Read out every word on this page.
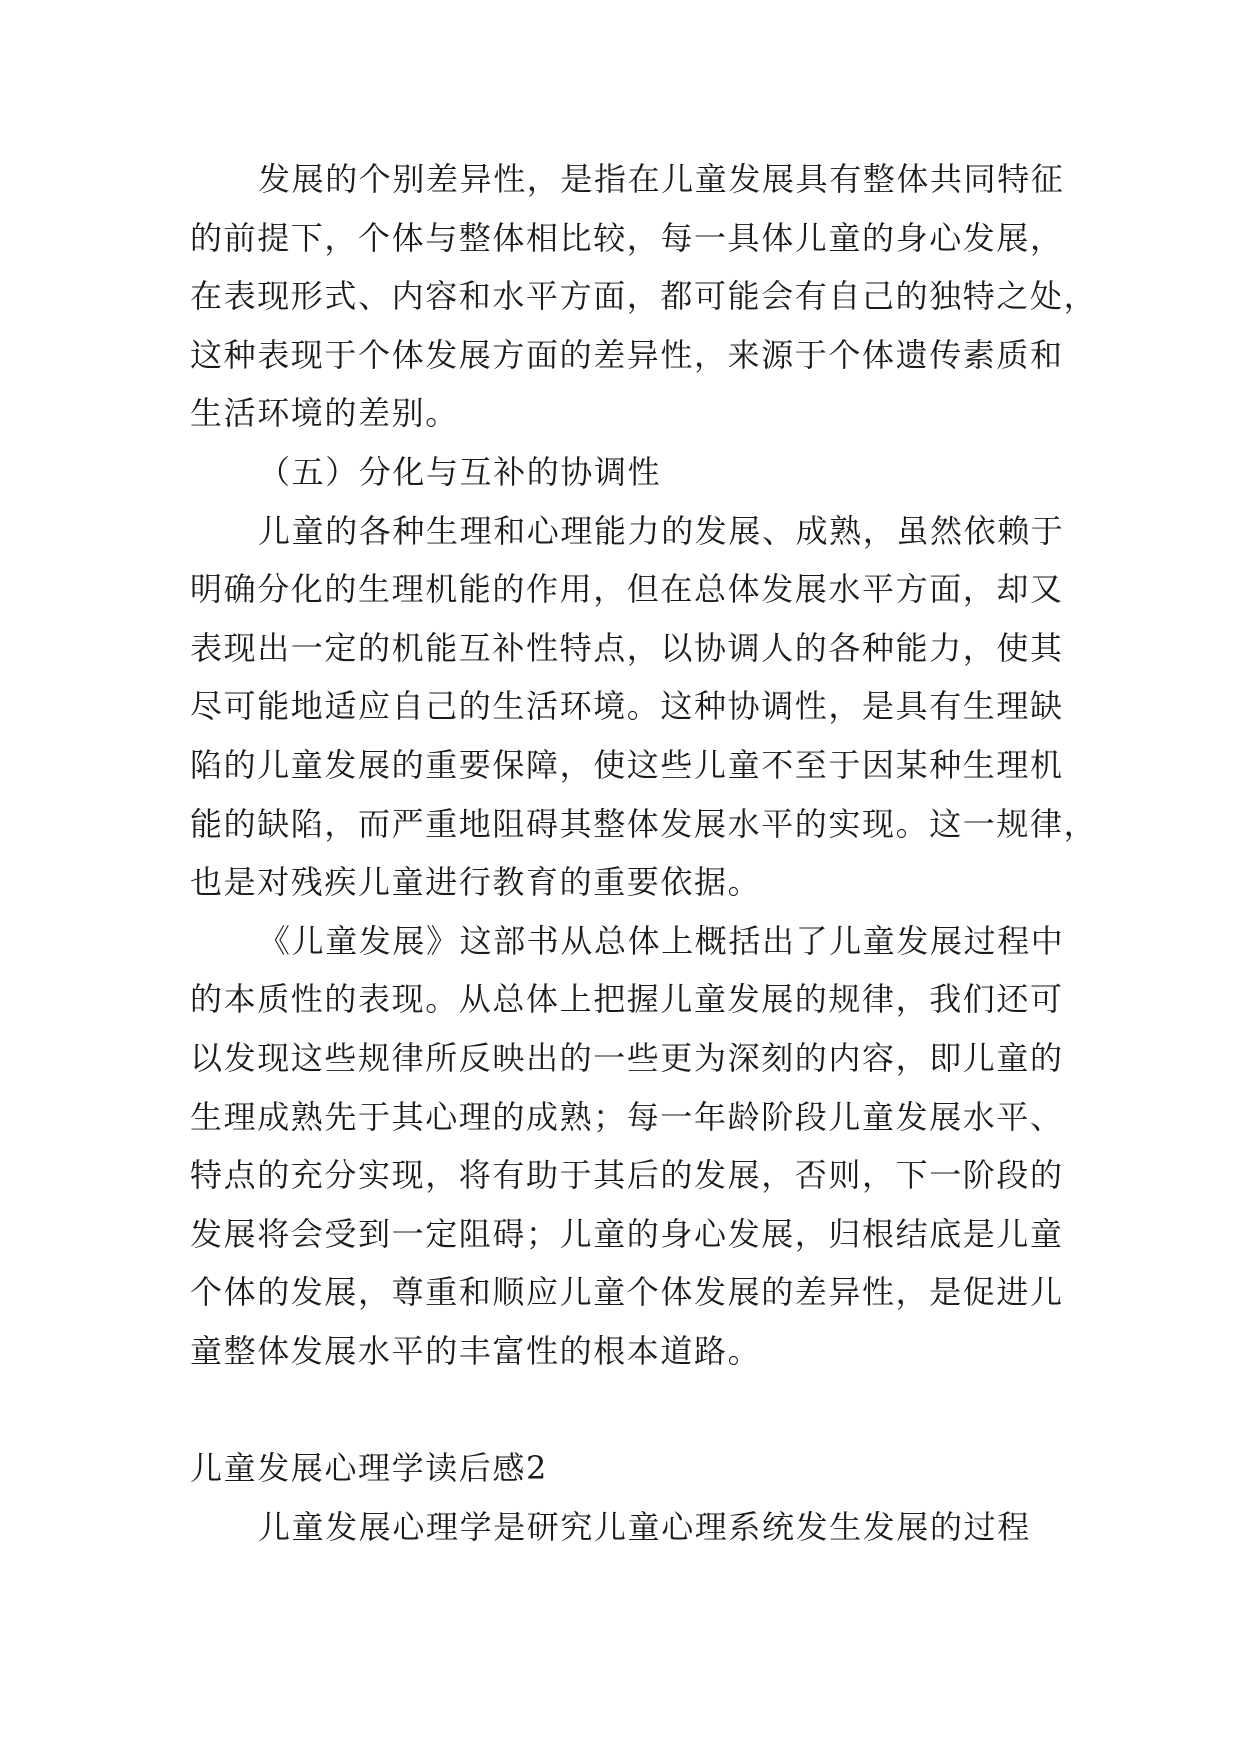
发展的个别差异性，是指在儿童发展具有整体共同特征
的前提下，个体与整体相比较，每一具体儿童的身心发展，
在表现形式、内容和水平方面，都可能会有自己的独特之处，
这种表现于个体发展方面的差异性，来源于个体遗传素质和
生活环境的差别。
（五）分化与互补的协调性
儿童的各种生理和心理能力的发展、成熟，虽然依赖于
明确分化的生理机能的作用，但在总体发展水平方面，却又
表现出一定的机能互补性特点，以协调人的各种能力，使其
尽可能地适应自己的生活环境。这种协调性，是具有生理缺
陷的儿童发展的重要保障，使这些儿童不至于因某种生理机
能的缺陷，而严重地阻碍其整体发展水平的实现。这一规律，
也是对残疾儿童进行教育的重要依据。
《儿童发展》这部书从总体上概括出了儿童发展过程中
的本质性的表现。从总体上把握儿童发展的规律，我们还可
以发现这些规律所反映出的一些更为深刻的内容，即儿童的
生理成熟先于其心理的成熟；每一年龄阶段儿童发展水平、
特点的充分实现，将有助于其后的发展，否则，下一阶段的
发展将会受到一定阻碍；儿童的身心发展，归根结底是儿童
个体的发展，尊重和顺应儿童个体发展的差异性，是促进儿
童整体发展水平的丰富性的根本道路。
儿童发展心理学读后感2
儿童发展心理学是研究儿童心理系统发生发展的过程
